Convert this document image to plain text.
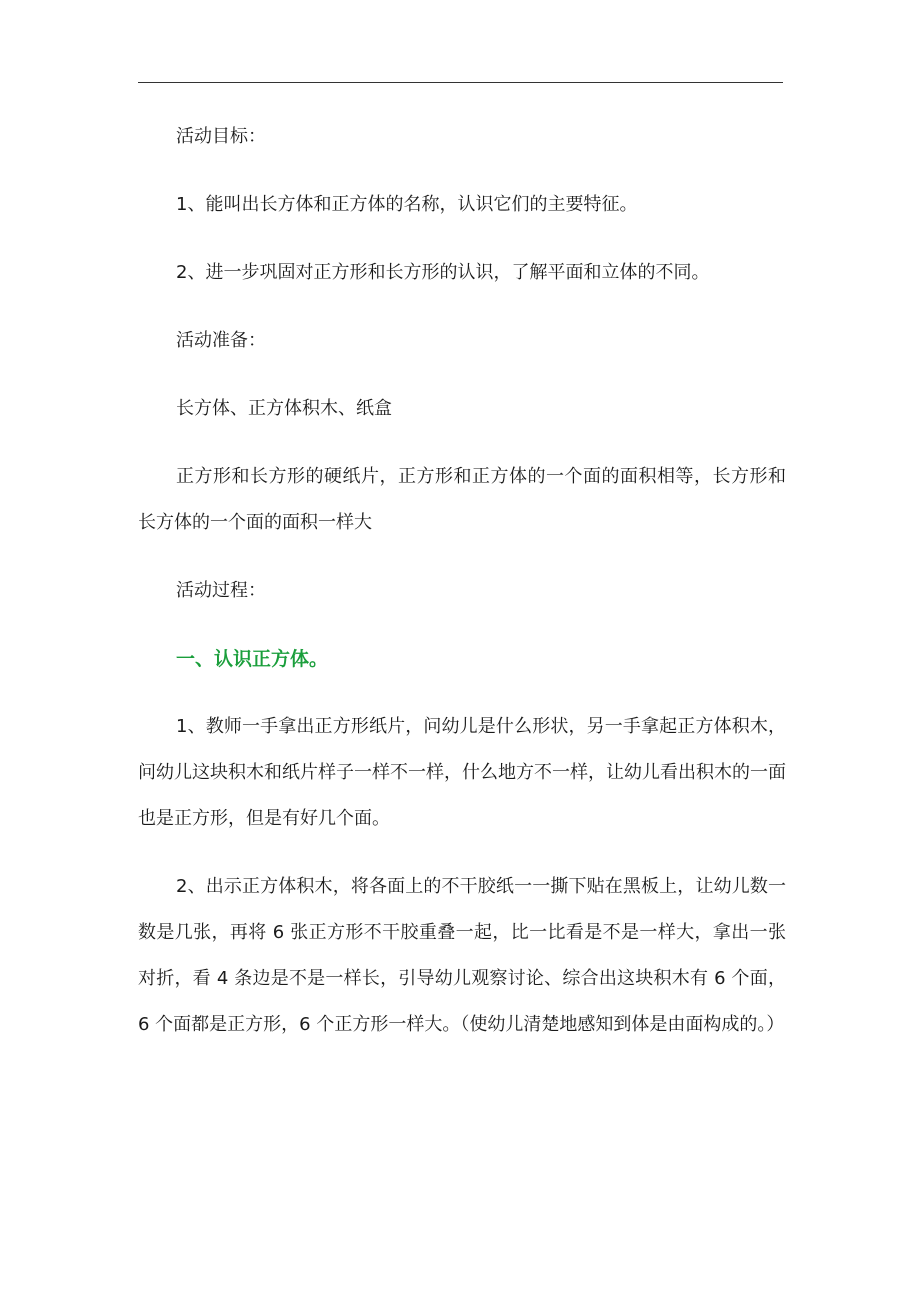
活动目标：

1、能叫出长方体和正方体的名称，认识它们的主要特征。

2、进一步巩固对正方形和长方形的认识，了解平面和立体的不同。

活动准备：

长方体、正方体积木、纸盒

正方形和长方形的硬纸片，正方形和正方体的一个面的面积相等，长方形和长方体的一个面的面积一样大

活动过程：

一、认识正方体。

1、教师一手拿出正方形纸片，问幼儿是什么形状，另一手拿起正方体积木，问幼儿这块积木和纸片样子一样不一样，什么地方不一样，让幼儿看出积木的一面也是正方形，但是有好几个面。

2、出示正方体积木，将各面上的不干胶纸一一撕下贴在黑板上，让幼儿数一数是几张，再将 6 张正方形不干胶重叠一起，比一比看是不是一样大，拿出一张对折，看 4 条边是不是一样长，引导幼儿观察讨论、综合出这块积木有 6 个面，6 个面都是正方形，6 个正方形一样大。（使幼儿清楚地感知到体是由面构成的。）
